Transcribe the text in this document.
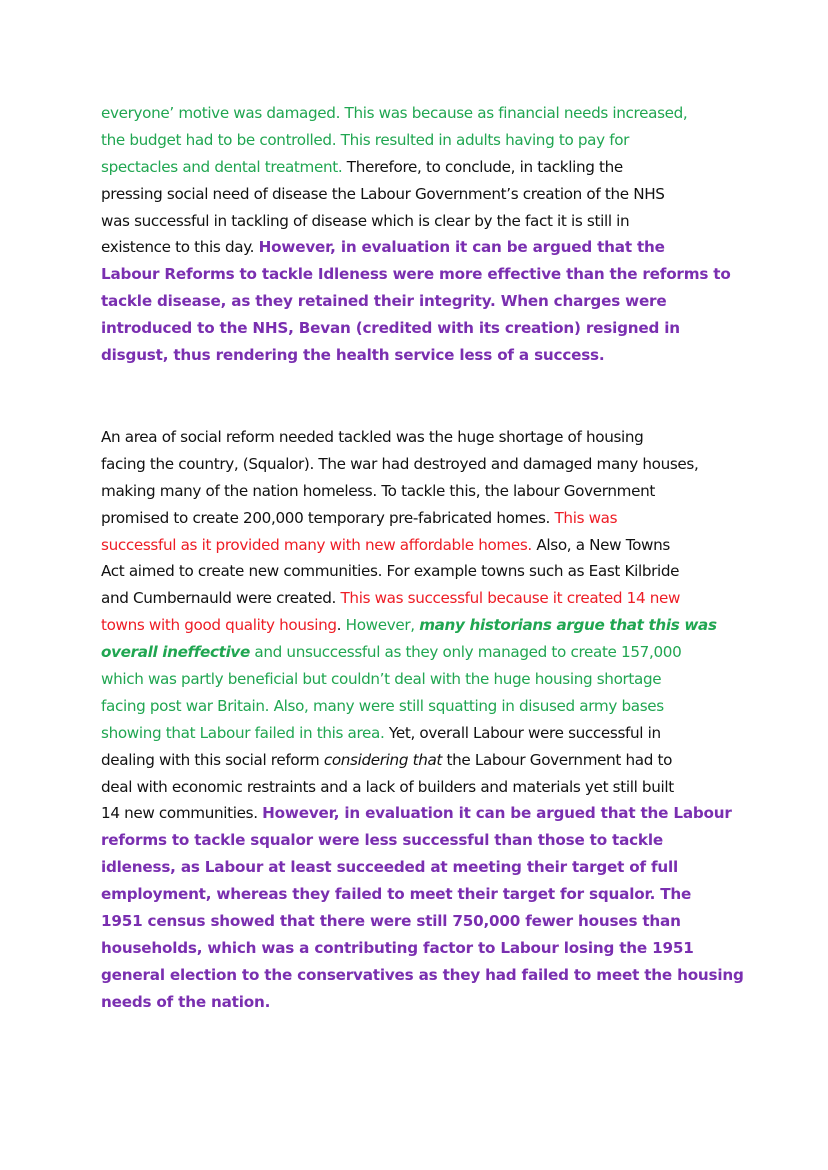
everyone’ motive was damaged. This was because as financial needs increased,
the budget had to be controlled. This resulted in adults having to pay for
spectacles and dental treatment. Therefore, to conclude, in tackling the
pressing social need of disease the Labour Government’s creation of the NHS
was successful in tackling of disease which is clear by the fact it is still in
existence to this day. However, in evaluation it can be argued that the
Labour Reforms to tackle Idleness were more effective than the reforms to
tackle disease, as they retained their integrity. When charges were
introduced to the NHS, Bevan (credited with its creation) resigned in
disgust, thus rendering the health service less of a success.
An area of social reform needed tackled was the huge shortage of housing
facing the country, (Squalor). The war had destroyed and damaged many houses,
making many of the nation homeless. To tackle this, the labour Government
promised to create 200,000 temporary pre-fabricated homes. This was
successful as it provided many with new affordable homes. Also, a New Towns
Act aimed to create new communities. For example towns such as East Kilbride
and Cumbernauld were created. This was successful because it created 14 new
towns with good quality housing. However, many historians argue that this was
overall ineffective and unsuccessful as they only managed to create 157,000
which was partly beneficial but couldn’t deal with the huge housing shortage
facing post war Britain. Also, many were still squatting in disused army bases
showing that Labour failed in this area. Yet, overall Labour were successful in
dealing with this social reform considering that the Labour Government had to
deal with economic restraints and a lack of builders and materials yet still built
14 new communities. However, in evaluation it can be argued that the Labour
reforms to tackle squalor were less successful than those to tackle
idleness, as Labour at least succeeded at meeting their target of full
employment, whereas they failed to meet their target for squalor. The
1951 census showed that there were still 750,000 fewer houses than
households, which was a contributing factor to Labour losing the 1951
general election to the conservatives as they had failed to meet the housing
needs of the nation.
